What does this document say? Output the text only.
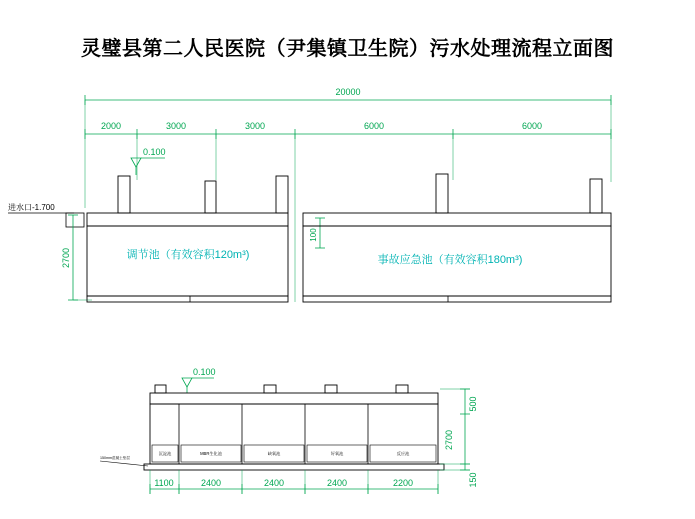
灵璧县第二人民医院（尹集镇卫生院）污水处理流程立面图
20000
2000	3000	3000	6000	6000
0.100
进水口-1.700
2700
100
调节池（有效容积120m³)	事故应急池（有效容积180m³)
0.100
沉淀池	MBR生化池	缺氧池	好氧池	反应池
150mm混凝土垫层
500
2700
150
1100	2400	2400	2400	2200
